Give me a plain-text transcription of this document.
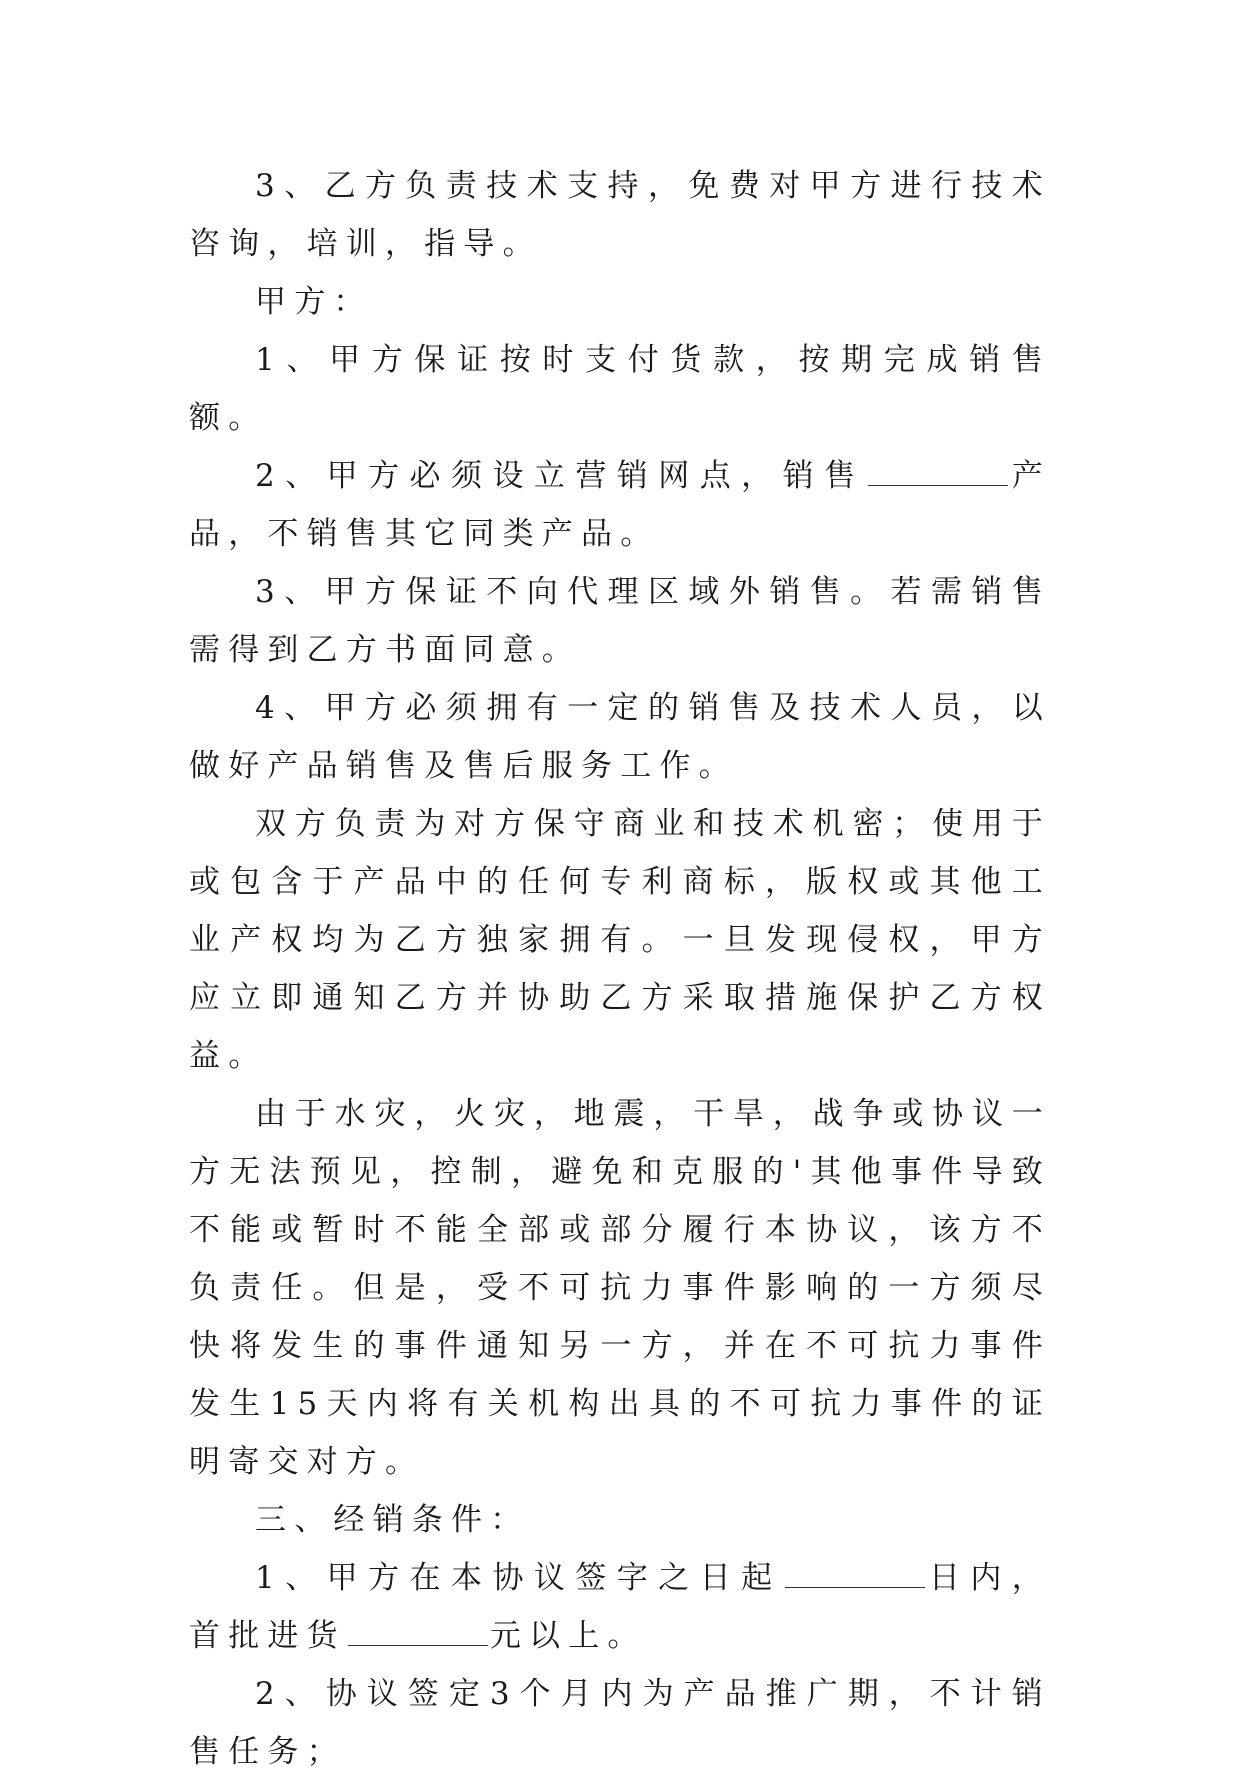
3、乙方负责技术支持，免费对甲方进行技术咨询，培训，指导。

甲方：

1、甲方保证按时支付货款，按期完成销售额。

2、甲方必须设立营销网点，销售	产品，不销售其它同类产品。

3、甲方保证不向代理区域外销售。若需销售需得到乙方书面同意。

4、甲方必须拥有一定的销售及技术人员，以做好产品销售及售后服务工作。

双方负责为对方保守商业和技术机密；使用于或包含于产品中的任何专利商标，版权或其他工业产权均为乙方独家拥有。一旦发现侵权，甲方应立即通知乙方并协助乙方采取措施保护乙方权益。

由于水灾，火灾，地震，干旱，战争或协议一方无法预见，控制，避免和克服的'其他事件导致不能或暂时不能全部或部分履行本协议，该方不负责任。但是，受不可抗力事件影响的一方须尽快将发生的事件通知另一方，并在不可抗力事件发生15天内将有关机构出具的不可抗力事件的证明寄交对方。

三、经销条件：

1、甲方在本协议签字之日起	日内，首批进货	元以上。

2、协议签定3个月内为产品推广期，不计销售任务；
